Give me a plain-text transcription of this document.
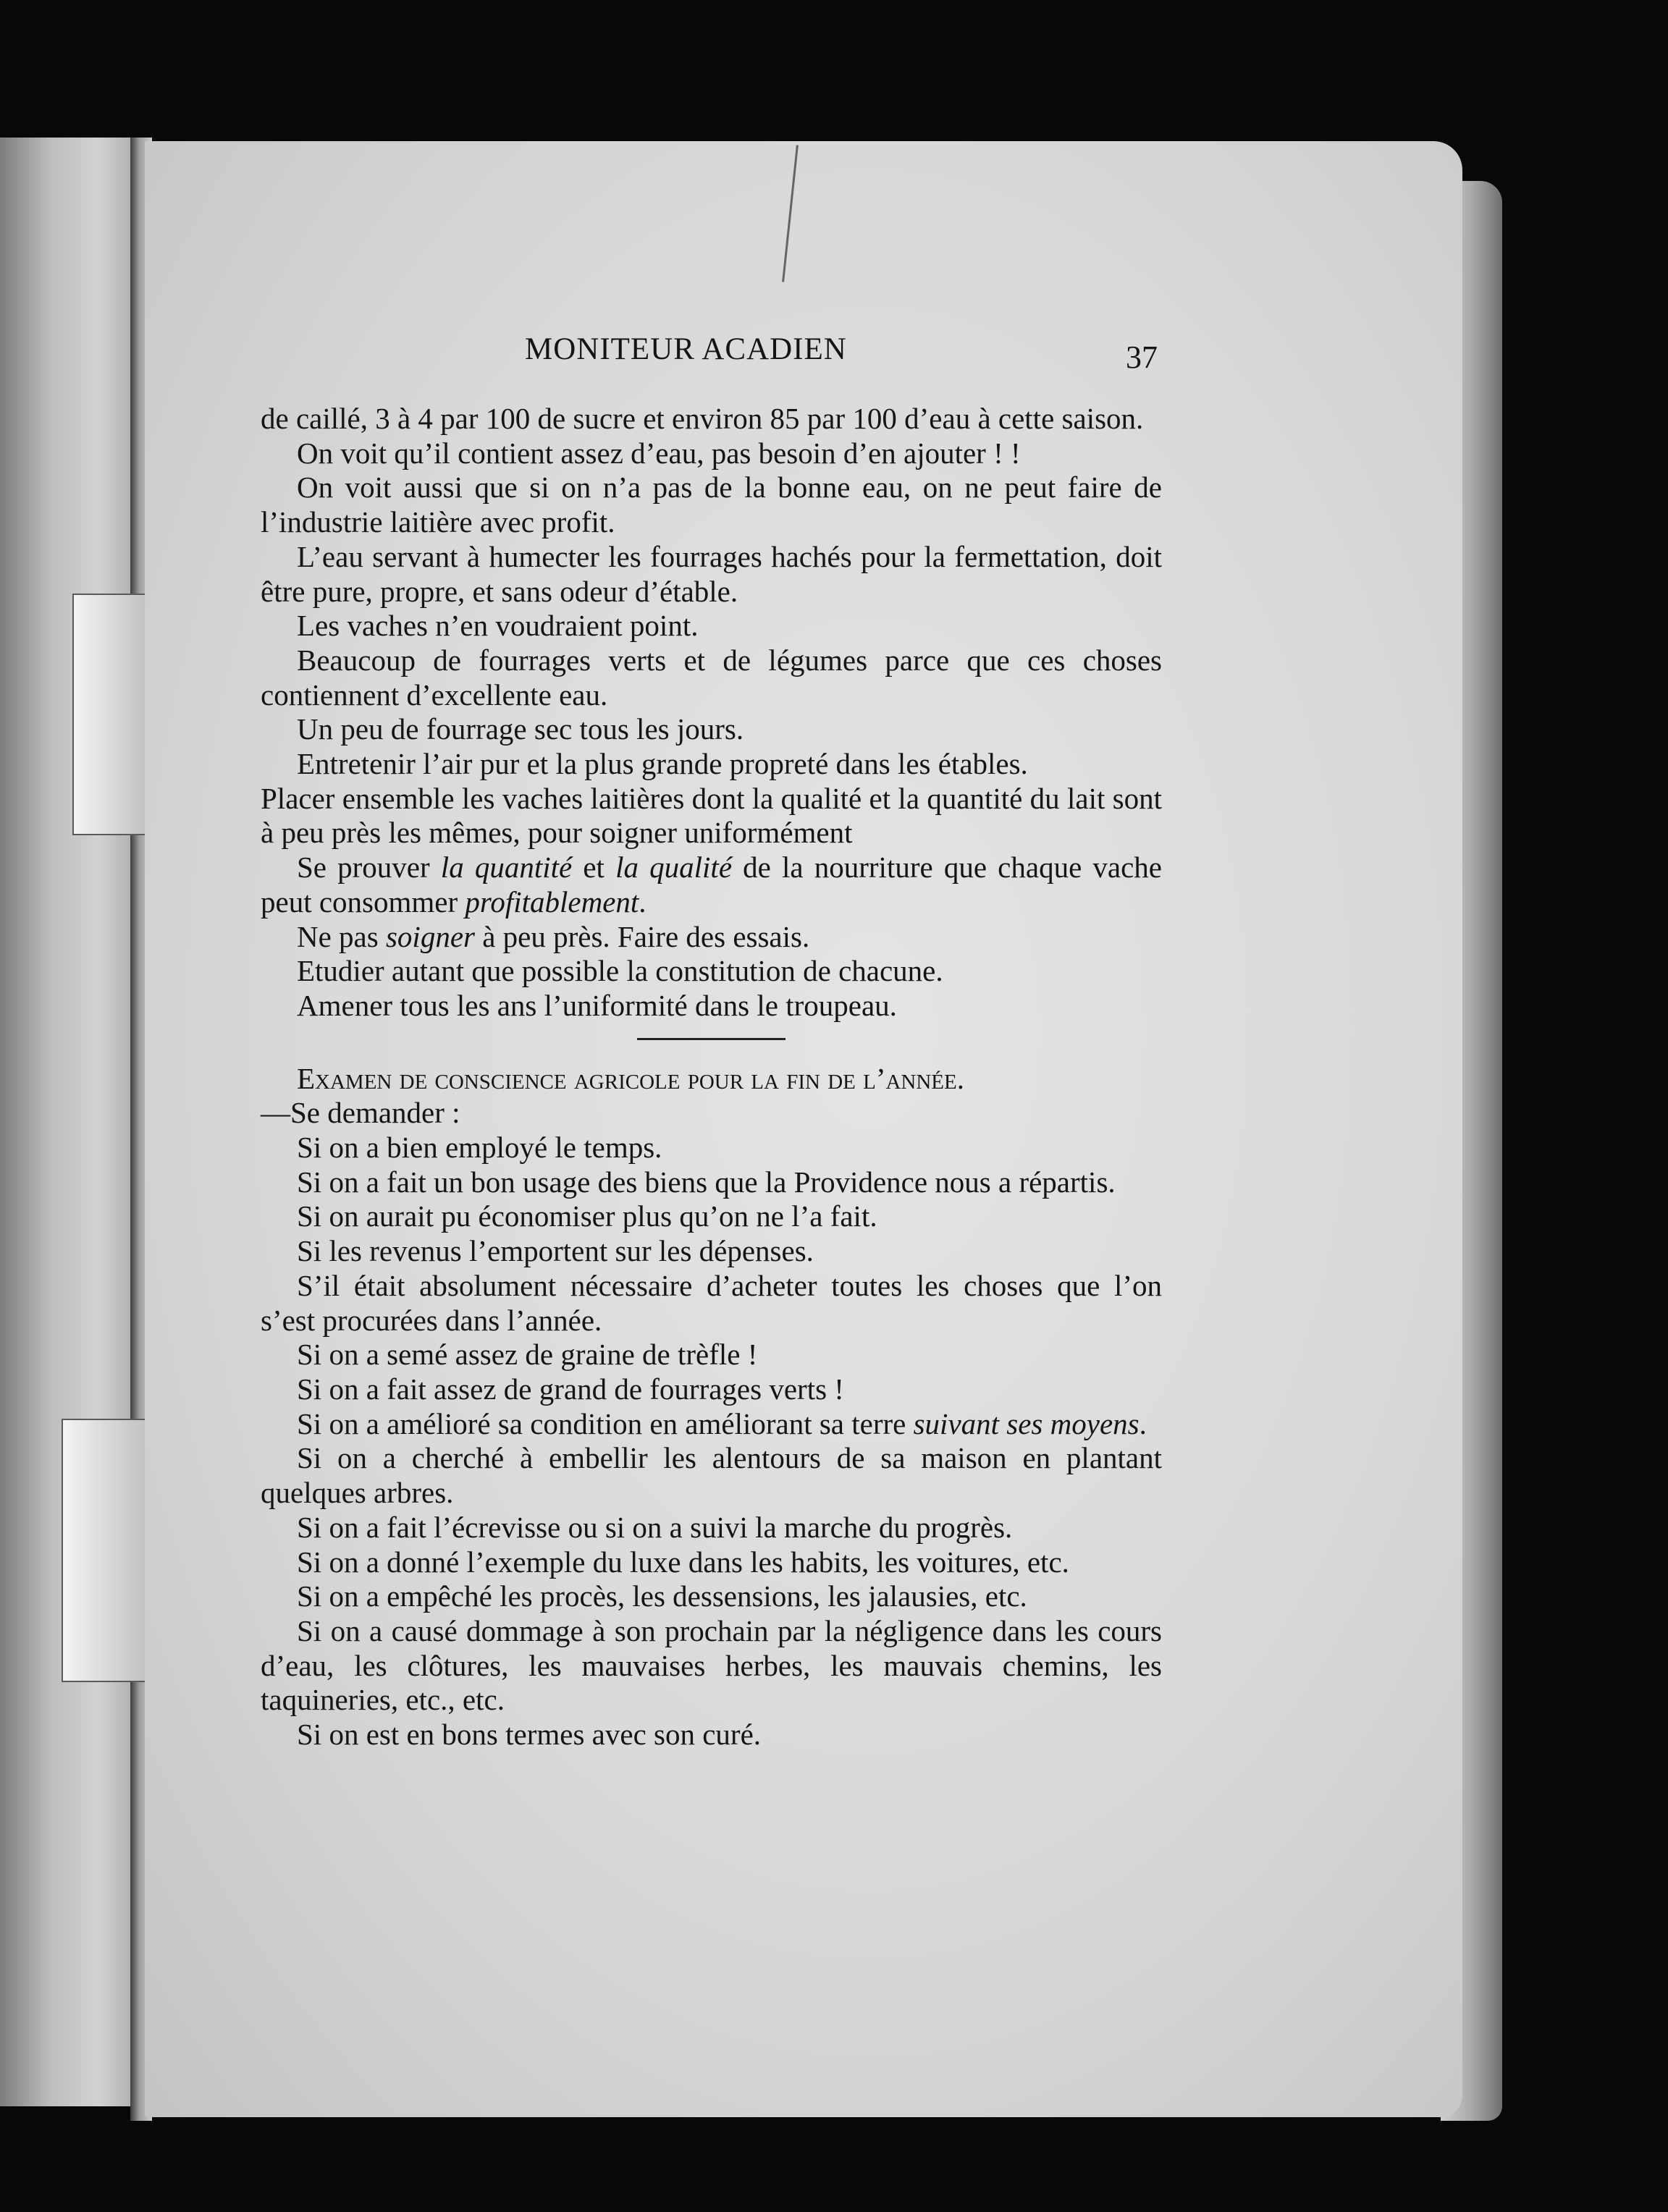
MONITEUR ACADIEN	37

de caillé, 3 à 4 par 100 de sucre et environ 85 par 100 d’eau à cette saison.

On voit qu’il contient assez d’eau, pas besoin d’en ajouter ! !

On voit aussi que si on n’a pas de la bonne eau, on ne peut faire de l’industrie laitière avec profit.

L’eau servant à humecter les fourrages hachés pour la fermettation, doit être pure, propre, et sans odeur d’étable.

Les vaches n’en voudraient point.

Beaucoup de fourrages verts et de légumes parce que ces choses contiennent d’excellente eau.

Un peu de fourrage sec tous les jours.

Entretenir l’air pur et la plus grande propreté dans les étables.

Placer ensemble les vaches laitières dont la qualité et la quantité du lait sont à peu près les mêmes, pour soigner uniformément

Se prouver la quantité et la qualité de la nourriture que chaque vache peut consommer profitablement.

Ne pas soigner à peu près. Faire des essais.

Etudier autant que possible la constitution de chacune.

Amener tous les ans l’uniformité dans le troupeau.

Examen de conscience agricole pour la fin de l’année.

—Se demander :

Si on a bien employé le temps.

Si on a fait un bon usage des biens que la Providence nous a répartis.

Si on aurait pu économiser plus qu’on ne l’a fait.

Si les revenus l’emportent sur les dépenses.

S’il était absolument nécessaire d’acheter toutes les choses que l’on s’est procurées dans l’année.

Si on a semé assez de graine de trèfle !

Si on a fait assez de grand de fourrages verts !

Si on a amélioré sa condition en améliorant sa terre suivant ses moyens.

Si on a cherché à embellir les alentours de sa maison en plantant quelques arbres.

Si on a fait l’écrevisse ou si on a suivi la marche du progrès.

Si on a donné l’exemple du luxe dans les habits, les voitures, etc.

Si on a empêché les procès, les dessensions, les jalausies, etc.

Si on a causé dommage à son prochain par la négligence dans les cours d’eau, les clôtures, les mauvaises herbes, les mauvais chemins, les taquineries, etc., etc.

Si on est en bons termes avec son curé.
